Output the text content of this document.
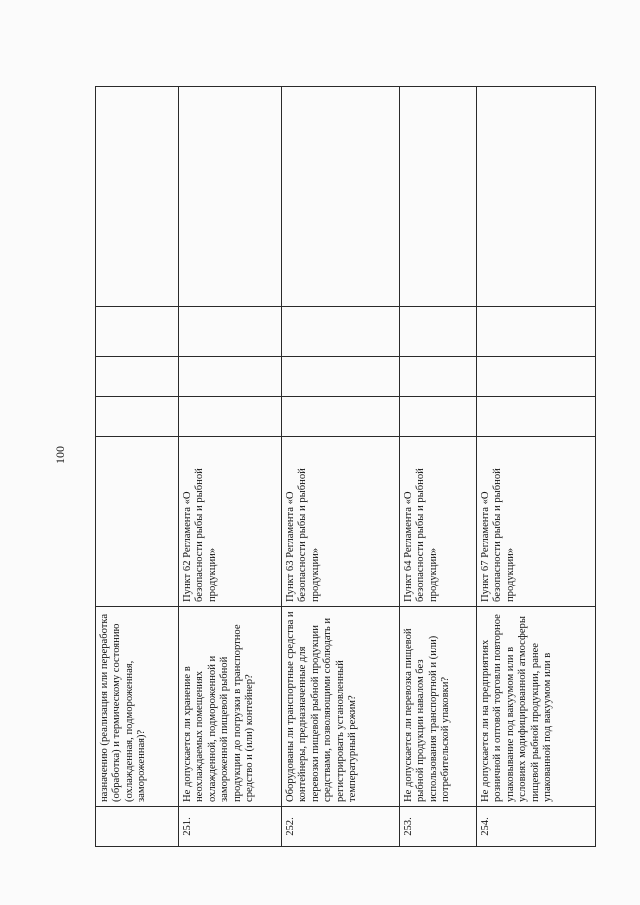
100
	назначению (реализация или переработка (обработка) и термическому состоянию (охлажденная, подмороженная, замороженная)?					
251.	Не допускается ли хранение в неохлаждаемых помещениях охлажденной, подмороженной и замороженной пищевой рыбной продукции до погрузки в транспортное средство и (или) контейнер?	Пункт 62 Регламента «О безопасности рыбы и рыбной продукции»				
252.	Оборудованы ли транспортные средства и контейнеры, предназначенные для перевозки пищевой рыбной продукции средствами, позволяющими соблюдать и регистрировать установленный температурный режим?	Пункт 63 Регламента «О безопасности рыбы и рыбной продукции»				
253.	Не допускается ли перевозка пищевой рыбной продукции навалом без использования транспортной и (или) потребительской упаковки?	Пункт 64 Регламента «О безопасности рыбы и рыбной продукции»				
254.	Не допускается ли на предприятиях розничной и оптовой торговли повторное упаковывание под вакуумом или в условиях модифицированной атмосферы пищевой рыбной продукции, ранее упакованной под вакуумом или в	Пункт 67 Регламента «О безопасности рыбы и рыбной продукции»				
